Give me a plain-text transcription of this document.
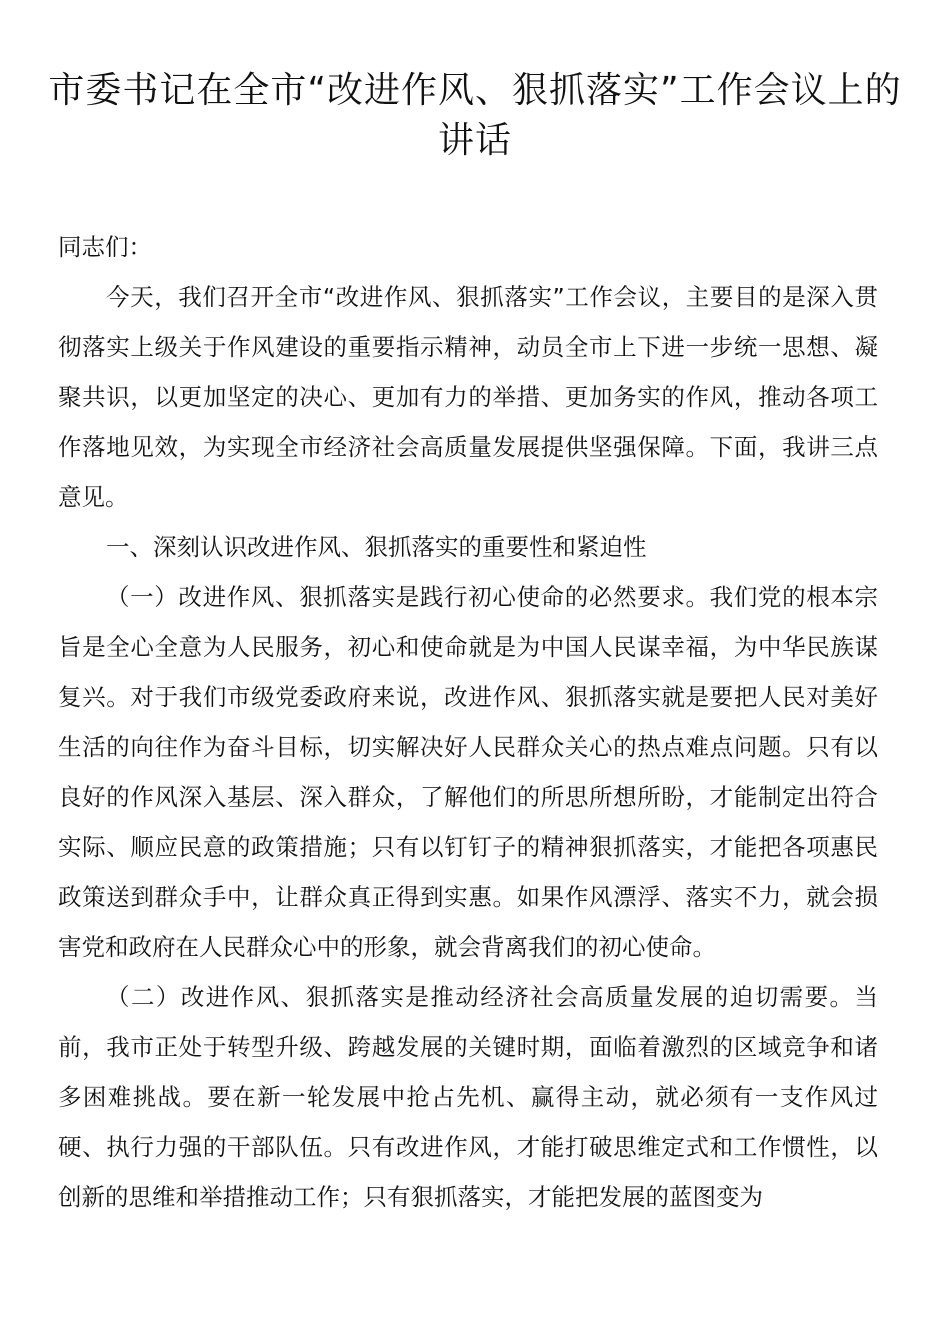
市委书记在全市“改进作风、狠抓落实”工作会议上的讲话

同志们：

今天，我们召开全市“改进作风、狠抓落实”工作会议，主要目的是深入贯彻落实上级关于作风建设的重要指示精神，动员全市上下进一步统一思想、凝聚共识，以更加坚定的决心、更加有力的举措、更加务实的作风，推动各项工作落地见效，为实现全市经济社会高质量发展提供坚强保障。下面，我讲三点意见。

一、深刻认识改进作风、狠抓落实的重要性和紧迫性

（一）改进作风、狠抓落实是践行初心使命的必然要求。我们党的根本宗旨是全心全意为人民服务，初心和使命就是为中国人民谋幸福，为中华民族谋复兴。对于我们市级党委政府来说，改进作风、狠抓落实就是要把人民对美好生活的向往作为奋斗目标，切实解决好人民群众关心的热点难点问题。只有以良好的作风深入基层、深入群众，了解他们的所思所想所盼，才能制定出符合实际、顺应民意的政策措施；只有以钉钉子的精神狠抓落实，才能把各项惠民政策送到群众手中，让群众真正得到实惠。如果作风漂浮、落实不力，就会损害党和政府在人民群众心中的形象，就会背离我们的初心使命。

（二）改进作风、狠抓落实是推动经济社会高质量发展的迫切需要。当前，我市正处于转型升级、跨越发展的关键时期，面临着激烈的区域竞争和诸多困难挑战。要在新一轮发展中抢占先机、赢得主动，就必须有一支作风过硬、执行力强的干部队伍。只有改进作风，才能打破思维定式和工作惯性，以创新的思维和举措推动工作；只有狠抓落实，才能把发展的蓝图变为
